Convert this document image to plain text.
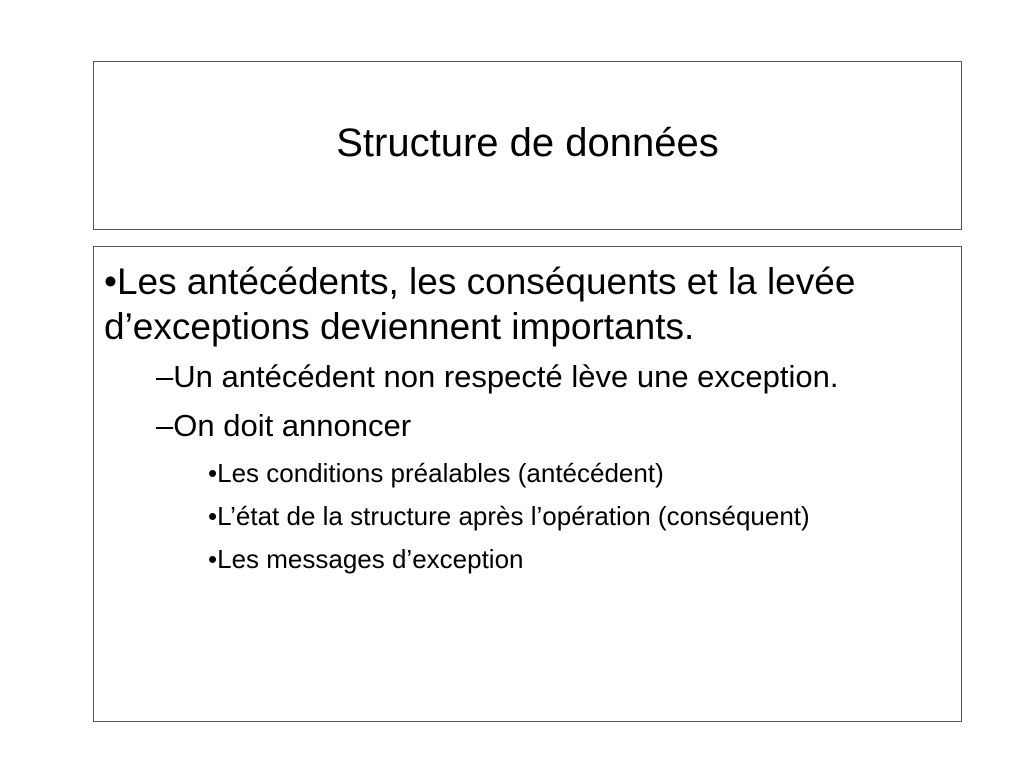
Structure de données
•Les antécédents, les conséquents et la levée d’exceptions deviennent importants.
–Un antécédent non respecté lève une exception.
–On doit annoncer
•Les conditions préalables (antécédent)
•L’état de la structure après l’opération (conséquent)
•Les messages d’exception
